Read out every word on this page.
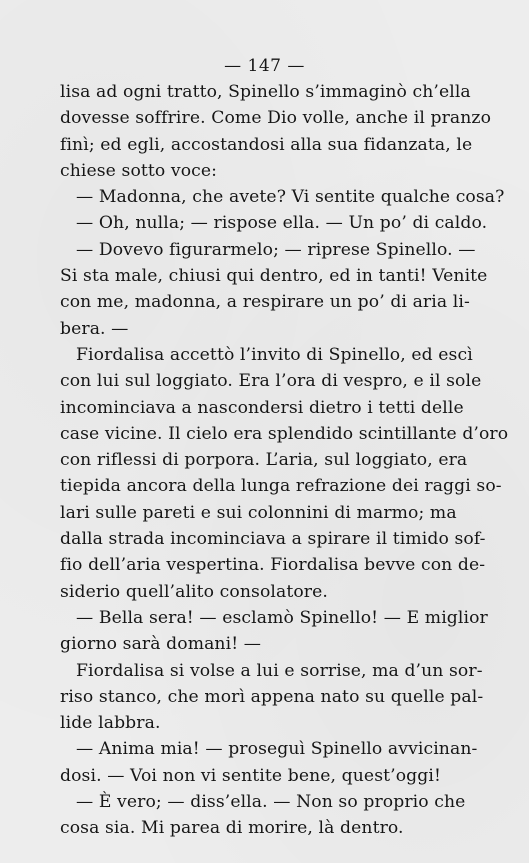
— 147 —
lisa ad ogni tratto, Spinello s’immaginò ch’ella
dovesse soffrire. Come Dio volle, anche il pranzo
finì; ed egli, accostandosi alla sua fidanzata, le
chiese sotto voce:
— Madonna, che avete? Vi sentite qualche cosa?
— Oh, nulla; — rispose ella. — Un po’ di caldo.
— Dovevo figurarmelo; — riprese Spinello. —
Si sta male, chiusi qui dentro, ed in tanti! Venite
con me, madonna, a respirare un po’ di aria li-
bera. —
Fiordalisa accettò l’invito di Spinello, ed escì
con lui sul loggiato. Era l’ora di vespro, e il sole
incominciava a nascondersi dietro i tetti delle
case vicine. Il cielo era splendido scintillante d’oro
con riflessi di porpora. L’aria, sul loggiato, era
tiepida ancora della lunga refrazione dei raggi so-
lari sulle pareti e sui colonnini di marmo; ma
dalla strada incominciava a spirare il timido sof-
fio dell’aria vespertina. Fiordalisa bevve con de-
siderio quell’alito consolatore.
— Bella sera! — esclamò Spinello! — E miglior
giorno sarà domani! —
Fiordalisa si volse a lui e sorrise, ma d’un sor-
riso stanco, che morì appena nato su quelle pal-
lide labbra.
— Anima mia! — proseguì Spinello avvicinan-
dosi. — Voi non vi sentite bene, quest’oggi!
— È vero; — diss’ella. — Non so proprio che
cosa sia. Mi parea di morire, là dentro.
